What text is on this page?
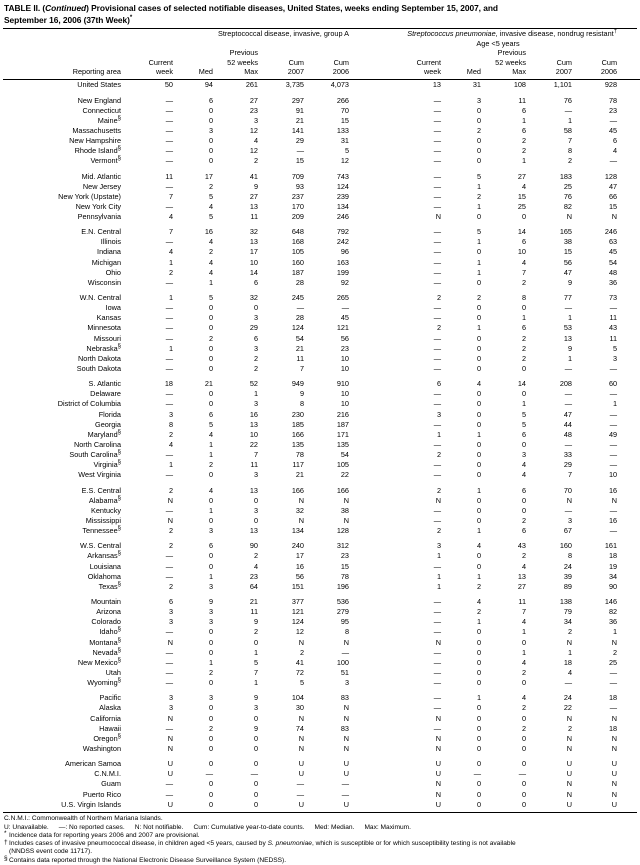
TABLE II. (Continued) Provisional cases of selected notifiable diseases, United States, weeks ending September 15, 2007, and
September 16, 2006 (37th Week)*
	Streptococcal disease, invasive, group A						Streptococcus pneumoniae, invasive disease, nondrug resistant†	

							Age <5 years					

		Previous						Previous				
	Current	52 weeks		Cum	Cum		Current	52 weeks		Cum	Cum	

Reporting area	week	Med	Max	2007	2006		week	Med	Max	2007	2006	

United States	50	94	261	3,735	4,073		13	31	108	1,101	928	

New England	—	6	27	297	266		—	3	11	76	78	
Connecticut	—	0	23	91	70		—	0	6	—	23	
Maine§	—	0	3	21	15		—	0	1	1	—	
Massachusetts	—	3	12	141	133		—	2	6	58	45	
New Hampshire	—	0	4	29	31		—	0	2	7	6	
Rhode Island§	—	0	12	—	5		—	0	2	8	4	
Vermont§	—	0	2	15	12		—	0	1	2	—	

Mid. Atlantic	11	17	41	709	743		—	5	27	183	128	
New Jersey	—	2	9	93	124		—	1	4	25	47	
New York (Upstate)	7	5	27	237	239		—	2	15	76	66	
New York City	—	4	13	170	134		—	1	25	82	15	
Pennsylvania	4	5	11	209	246		N	0	0	N	N	

E.N. Central	7	16	32	648	792		—	5	14	165	246	
Illinois	—	4	13	168	242		—	1	6	38	63	
Indiana	4	2	17	105	96		—	0	10	15	45	
Michigan	1	4	10	160	163		—	1	4	56	54	
Ohio	2	4	14	187	199		—	1	7	47	48	
Wisconsin	—	1	6	28	92		—	0	2	9	36	

W.N. Central	1	5	32	245	265		2	2	8	77	73	
Iowa	—	0	0	—	—		—	0	0	—	—	
Kansas	—	0	3	28	45		—	0	1	1	11	
Minnesota	—	0	29	124	121		2	1	6	53	43	
Missouri	—	2	6	54	56		—	0	2	13	11	
Nebraska§	1	0	3	21	23		—	0	2	9	5	
North Dakota	—	0	2	11	10		—	0	2	1	3	
South Dakota	—	0	2	7	10		—	0	0	—	—	

S. Atlantic	18	21	52	949	910		6	4	14	208	60	
Delaware	—	0	1	9	10		—	0	0	—	—	
District of Columbia	—	0	3	8	10		—	0	1	—	1	
Florida	3	6	16	230	216		3	0	5	47	—	
Georgia	8	5	13	185	187		—	0	5	44	—	
Maryland§	2	4	10	166	171		1	1	6	48	49	
North Carolina	4	1	22	135	135		—	0	0	—	—	
South Carolina§	—	1	7	78	54		2	0	3	33	—	
Virginia§	1	2	11	117	105		—	0	4	29	—	
West Virginia	—	0	3	21	22		—	0	4	7	10	

E.S. Central	2	4	13	166	166		2	1	6	70	16	
Alabama§	N	0	0	N	N		N	0	0	N	N	
Kentucky	—	1	3	32	38		—	0	0	—	—	
Mississippi	N	0	0	N	N		—	0	2	3	16	
Tennessee§	2	3	13	134	128		2	1	6	67	—	

W.S. Central	2	6	90	240	312		3	4	43	160	161	
Arkansas§	—	0	2	17	23		1	0	2	8	18	
Louisiana	—	0	4	16	15		—	0	4	24	19	
Oklahoma	—	1	23	56	78		1	1	13	39	34	
Texas§	2	3	64	151	196		1	2	27	89	90	

Mountain	6	9	21	377	536		—	4	11	138	146	
Arizona	3	3	11	121	279		—	2	7	79	82	
Colorado	3	3	9	124	95		—	1	4	34	36	
Idaho§	—	0	2	12	8		—	0	1	2	1	
Montana§	N	0	0	N	N		N	0	0	N	N	
Nevada§	—	0	1	2	—		—	0	1	1	2	
New Mexico§	—	1	5	41	100		—	0	4	18	25	
Utah	—	2	7	72	51		—	0	2	4	—	
Wyoming§	—	0	1	5	3		—	0	0	—	—	

Pacific	3	3	9	104	83		—	1	4	24	18	
Alaska	3	0	3	30	N		—	0	2	22	—	
California	N	0	0	N	N		N	0	0	N	N	
Hawaii	—	2	9	74	83		—	0	2	2	18	
Oregon§	N	0	0	N	N		N	0	0	N	N	
Washington	N	0	0	N	N		N	0	0	N	N	

American Samoa	U	0	0	U	U		U	0	0	U	U	
C.N.M.I.	U	—	—	U	U		U	—	—	U	U	
Guam	—	0	0	—	—		N	0	0	N	N	
Puerto Rico	—	0	0	—	—		N	0	0	N	N	
U.S. Virgin Islands	U	0	0	U	U		U	0	0	U	U	
C.N.M.I.: Commonwealth of Northern Mariana Islands.
U: Unavailable. —: No reported cases. N: Not notifiable. Cum: Cumulative year-to-date counts. Med: Median. Max: Maximum.
* Incidence data for reporting years 2006 and 2007 are provisional.
† Includes cases of invasive pneumococcal disease, in children aged <5 years, caused by S. pneumoniae, which is susceptible or for which susceptibility testing is not available
(NNDSS event code 11717).
§ Contains data reported through the National Electronic Disease Surveillance System (NEDSS).
